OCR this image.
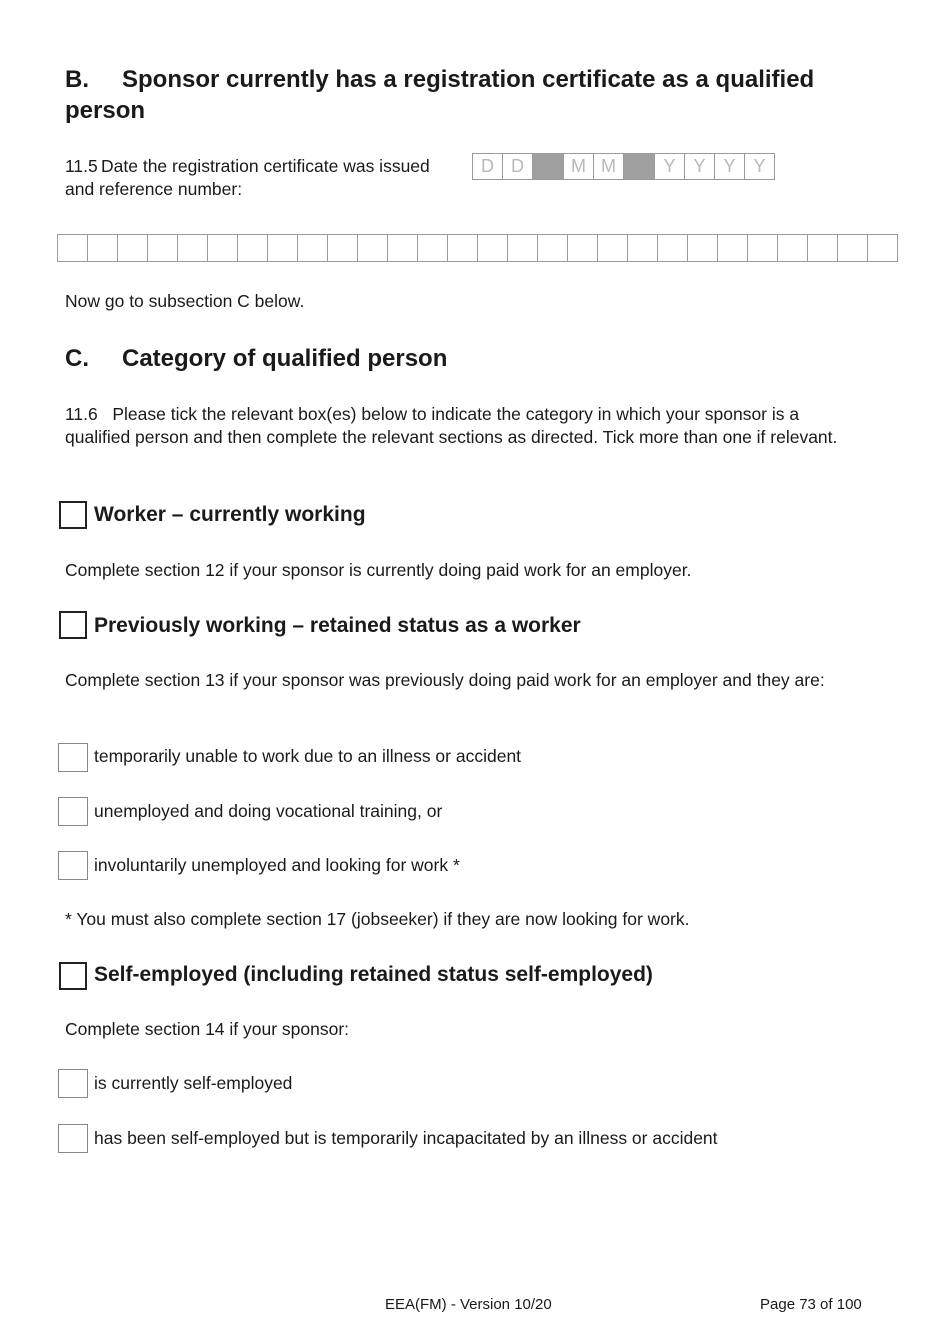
B. Sponsor currently has a registration certificate as a qualified person
11.5 Date the registration certificate was issued and reference number:
D D	M M	Y Y Y Y
Now go to subsection C below.
C. Category of qualified person
11.6 Please tick the relevant box(es) below to indicate the category in which your sponsor is a qualified person and then complete the relevant sections as directed. Tick more than one if relevant.
Worker – currently working
Complete section 12 if your sponsor is currently doing paid work for an employer.
Previously working – retained status as a worker
Complete section 13 if your sponsor was previously doing paid work for an employer and they are:
temporarily unable to work due to an illness or accident
unemployed and doing vocational training, or
involuntarily unemployed and looking for work *
* You must also complete section 17 (jobseeker) if they are now looking for work.
Self-employed (including retained status self-employed)
Complete section 14 if your sponsor:
is currently self-employed
has been self-employed but is temporarily incapacitated by an illness or accident
EEA(FM) - Version 10/20	Page 73 of 100
